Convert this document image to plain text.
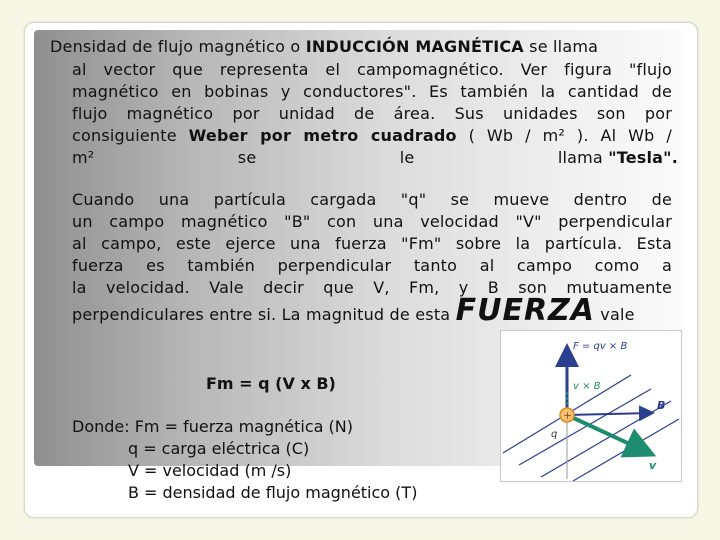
Densidad de flujo magnético o INDUCCIÓN MAGNÉTICA se llama
al vector que representa el campomagnético. Ver figura "flujo
magnético en bobinas y conductores". Es también la cantidad de
flujo magnético por unidad de área. Sus unidades son por
consiguiente Weber por metro cuadrado ( Wb / m² ). Al Wb /
m²	se	le	llama "Tesla".
Cuando una partícula cargada "q" se mueve dentro de
un campo magnético "B" con una velocidad "V" perpendicular
al campo, este ejerce una fuerza "Fm" sobre la partícula. Esta
fuerza es también perpendicular tanto al campo como a
la velocidad. Vale decir que V, Fm, y B son mutuamente
perpendiculares entre si. La magnitud de esta FUERZA vale
Fm = q (V x B)
Donde: Fm = fuerza magnética (N)
q = carga eléctrica (C)
V = velocidad (m /s)
B = densidad de flujo magnético (T)
+
F = qv × B
v × B
B
q
v
